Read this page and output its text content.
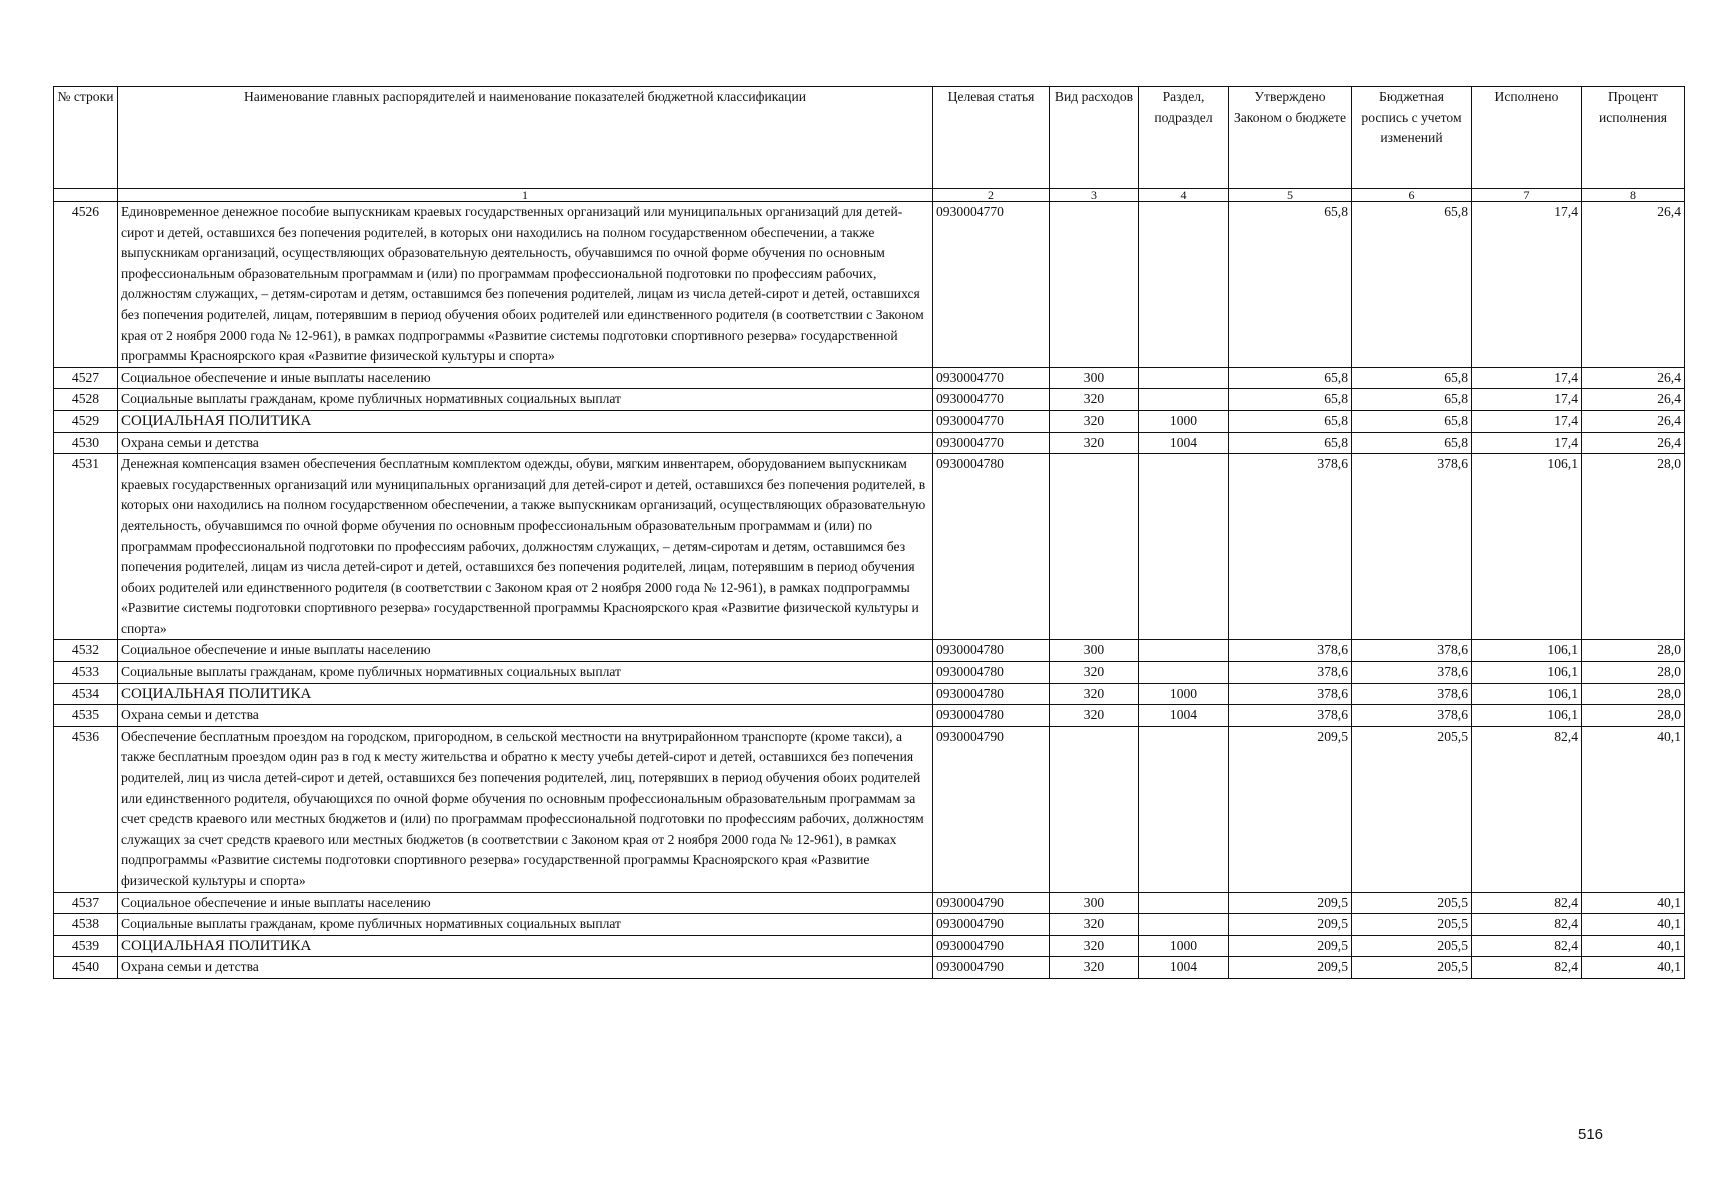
№ строки	Наименование главных распорядителей и наименование показателей бюджетной классификации	Целевая статья	Вид расходов	Раздел, подраздел	Утверждено Законом о бюджете	Бюджетная роспись с учетом изменений	Исполнено	Процент исполнения

	1	2	3	4	5	6	7	8
4526	Единовременное денежное пособие выпускникам краевых государственных организаций или муниципальных организаций для детей-сирот и детей, оставшихся без попечения родителей, в которых они находились на полном государственном обеспечении, а также выпускникам организаций, осуществляющих образовательную деятельность, обучавшимся по очной форме обучения по основным профессиональным образовательным программам и (или) по программам профессиональной подготовки по профессиям рабочих, должностям служащих, – детям-сиротам и детям, оставшимся без попечения родителей, лицам из числа детей-сирот и детей, оставшихся без попечения родителей, лицам, потерявшим в период обучения обоих родителей или единственного родителя (в соответствии с Законом края от 2 ноября 2000 года № 12-961), в рамках подпрограммы «Развитие системы подготовки спортивного резерва» государственной программы Красноярского края «Развитие физической культуры и спорта»	0930004770			65,8	65,8	17,4	26,4
4527	Социальное обеспечение и иные выплаты населению	0930004770	300		65,8	65,8	17,4	26,4
4528	Социальные выплаты гражданам, кроме публичных нормативных социальных выплат	0930004770	320		65,8	65,8	17,4	26,4
4529	СОЦИАЛЬНАЯ ПОЛИТИКА	0930004770	320	1000	65,8	65,8	17,4	26,4
4530	Охрана семьи и детства	0930004770	320	1004	65,8	65,8	17,4	26,4
4531	Денежная компенсация взамен обеспечения бесплатным комплектом одежды, обуви, мягким инвентарем, оборудованием выпускникам краевых государственных организаций или муниципальных организаций для детей-сирот и детей, оставшихся без попечения родителей, в которых они находились на полном государственном обеспечении, а также выпускникам организаций, осуществляющих образовательную деятельность, обучавшимся по очной форме обучения по основным профессиональным образовательным программам и (или) по программам профессиональной подготовки по профессиям рабочих, должностям служащих, – детям-сиротам и детям, оставшимся без попечения родителей, лицам из числа детей-сирот и детей, оставшихся без попечения родителей, лицам, потерявшим в период обучения обоих родителей или единственного родителя (в соответствии с Законом края от 2 ноября 2000 года № 12-961), в рамках подпрограммы «Развитие системы подготовки спортивного резерва» государственной программы Красноярского края «Развитие физической культуры и спорта»	0930004780			378,6	378,6	106,1	28,0
4532	Социальное обеспечение и иные выплаты населению	0930004780	300		378,6	378,6	106,1	28,0
4533	Социальные выплаты гражданам, кроме публичных нормативных социальных выплат	0930004780	320		378,6	378,6	106,1	28,0
4534	СОЦИАЛЬНАЯ ПОЛИТИКА	0930004780	320	1000	378,6	378,6	106,1	28,0
4535	Охрана семьи и детства	0930004780	320	1004	378,6	378,6	106,1	28,0
4536	Обеспечение бесплатным проездом на городском, пригородном, в сельской местности на внутрирайонном транспорте (кроме такси), а также бесплатным проездом один раз в год к месту жительства и обратно к месту учебы детей-сирот и детей, оставшихся без попечения родителей, лиц из числа детей-сирот и детей, оставшихся без попечения родителей, лиц, потерявших в период обучения обоих родителей или единственного родителя, обучающихся по очной форме обучения по основным профессиональным образовательным программам за счет средств краевого или местных бюджетов и (или) по программам профессиональной подготовки по профессиям рабочих, должностям служащих за счет средств краевого или местных бюджетов (в соответствии с Законом края от 2 ноября 2000 года № 12-961), в рамках подпрограммы «Развитие системы подготовки спортивного резерва» государственной программы Красноярского края «Развитие физической культуры и спорта»	0930004790			209,5	205,5	82,4	40,1
4537	Социальное обеспечение и иные выплаты населению	0930004790	300		209,5	205,5	82,4	40,1
4538	Социальные выплаты гражданам, кроме публичных нормативных социальных выплат	0930004790	320		209,5	205,5	82,4	40,1
4539	СОЦИАЛЬНАЯ ПОЛИТИКА	0930004790	320	1000	209,5	205,5	82,4	40,1
4540	Охрана семьи и детства	0930004790	320	1004	209,5	205,5	82,4	40,1
516
